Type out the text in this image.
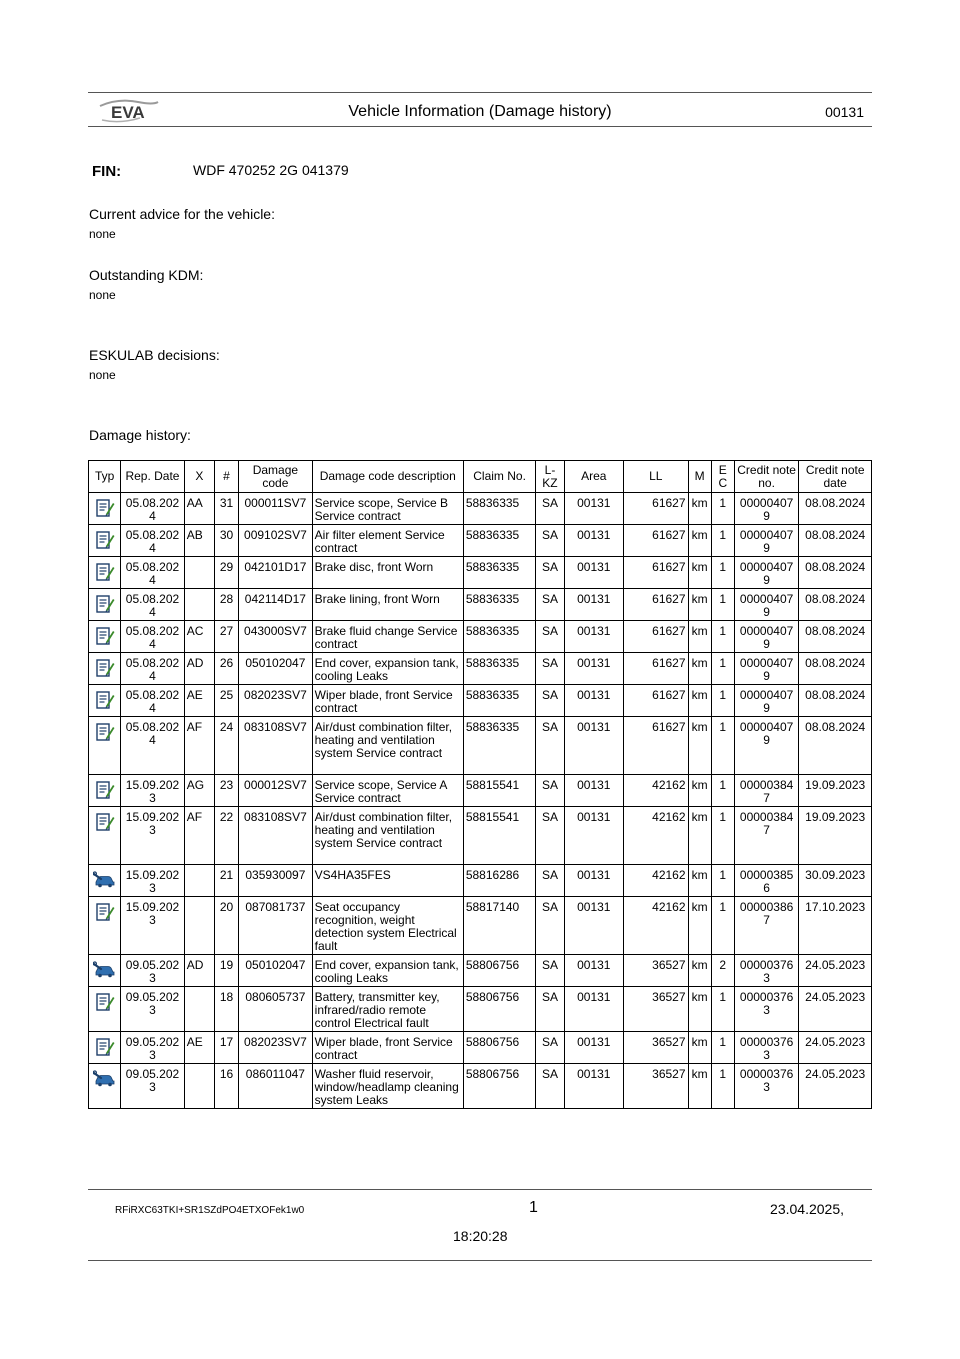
EVA	Vehicle Information (Damage history)	00131
FIN:	WDF 470252 2G 041379
Current advice for the vehicle:
none
Outstanding KDM:
none
ESKULAB decisions:
none
Damage history:
Typ	Rep. Date	X	#	Damage code	Damage code description	Claim No.	L-KZ	Area	LL	M	E C	Credit note no.	Credit note date
	05.08.2024	AA	31	000011SV7	Service scope, Service B Service contract	58836335	SA	00131	61627	km	1	000004079	08.08.2024
	05.08.2024	AB	30	009102SV7	Air filter element Service contract	58836335	SA	00131	61627	km	1	000004079	08.08.2024
	05.08.2024		29	042101D17	Brake disc, front Worn	58836335	SA	00131	61627	km	1	000004079	08.08.2024
	05.08.2024		28	042114D17	Brake lining, front Worn	58836335	SA	00131	61627	km	1	000004079	08.08.2024
	05.08.2024	AC	27	043000SV7	Brake fluid change Service contract	58836335	SA	00131	61627	km	1	000004079	08.08.2024
	05.08.2024	AD	26	050102047	End cover, expansion tank, cooling Leaks	58836335	SA	00131	61627	km	1	000004079	08.08.2024
	05.08.2024	AE	25	082023SV7	Wiper blade, front Service contract	58836335	SA	00131	61627	km	1	000004079	08.08.2024
	05.08.2024	AF	24	083108SV7	Air/dust combination filter, heating and ventilation system Service contract	58836335	SA	00131	61627	km	1	000004079	08.08.2024
	15.09.2023	AG	23	000012SV7	Service scope, Service A Service contract	58815541	SA	00131	42162	km	1	000003847	19.09.2023
	15.09.2023	AF	22	083108SV7	Air/dust combination filter, heating and ventilation system Service contract	58815541	SA	00131	42162	km	1	000003847	19.09.2023
	15.09.2023		21	035930097	VS4HA35FES	58816286	SA	00131	42162	km	1	000003856	30.09.2023
	15.09.2023		20	087081737	Seat occupancy recognition, weight detection system Electrical fault	58817140	SA	00131	42162	km	1	000003867	17.10.2023
	09.05.2023	AD	19	050102047	End cover, expansion tank, cooling Leaks	58806756	SA	00131	36527	km	2	000003763	24.05.2023
	09.05.2023		18	080605737	Battery, transmitter key, infrared/radio remote control Electrical fault	58806756	SA	00131	36527	km	1	000003763	24.05.2023
	09.05.2023	AE	17	082023SV7	Wiper blade, front Service contract	58806756	SA	00131	36527	km	1	000003763	24.05.2023
	09.05.2023		16	086011047	Washer fluid reservoir, window/headlamp cleaning system Leaks	58806756	SA	00131	36527	km	1	000003763	24.05.2023
RFiRXC63TKI+SR1SZdPO4ETXOFek1w0	1	23.04.2025,
18:20:28
